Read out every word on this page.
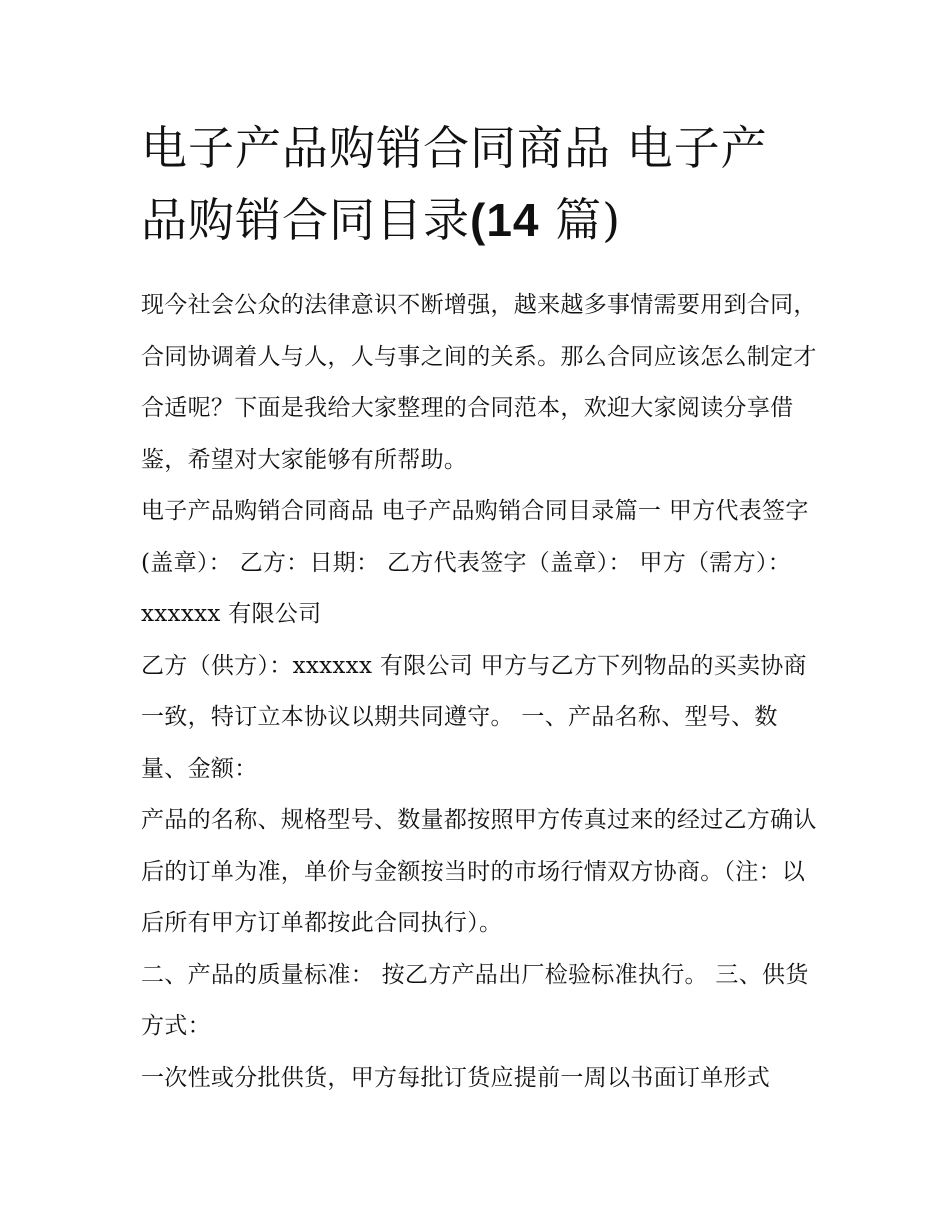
电子产品购销合同商品 电子产
品购销合同目录(14 篇)

现今社会公众的法律意识不断增强，越来越多事情需要用到合同，合同协调着人与人，人与事之间的关系。那么合同应该怎么制定才合适呢？下面是我给大家整理的合同范本，欢迎大家阅读分享借鉴，希望对大家能够有所帮助。

电子产品购销合同商品 电子产品购销合同目录篇一 甲方代表签字(盖章）： 乙方：日期： 乙方代表签字（盖章）： 甲方（需方）：xxxxxx 有限公司

乙方（供方）：xxxxxx 有限公司 甲方与乙方下列物品的买卖协商一致，特订立本协议以期共同遵守。 一、产品名称、型号、数量、金额：

产品的名称、规格型号、数量都按照甲方传真过来的经过乙方确认后的订单为准，单价与金额按当时的市场行情双方协商。（注：以后所有甲方订单都按此合同执行）。

二、产品的质量标准： 按乙方产品出厂检验标准执行。 三、供货方式：

一次性或分批供货，甲方每批订货应提前一周以书面订单形式
